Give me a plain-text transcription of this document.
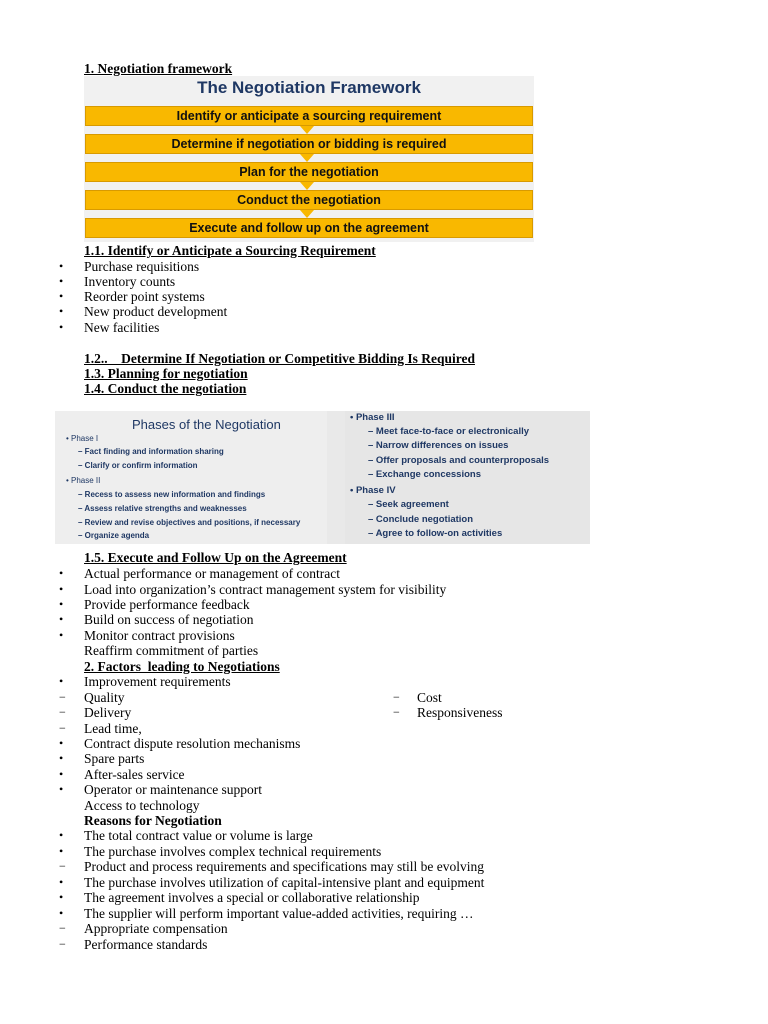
1. Negotiation framework
The Negotiation Framework
Identify or anticipate a sourcing requirement
Determine if negotiation or bidding is required
Plan for the negotiation
Conduct the negotiation
Execute and follow up on the agreement
1.1. Identify or Anticipate a Sourcing Requirement
•	Purchase requisitions
•	Inventory counts
•	Reorder point systems
•	New product development
•	New facilities
1.2..    Determine If Negotiation or Competitive Bidding Is Required
1.3. Planning for negotiation
1.4. Conduct the negotiation
Phases of the Negotiation
• Phase I
– Fact finding and information sharing
– Clarify or confirm information
• Phase II
– Recess to assess new information and findings
– Assess relative strengths and weaknesses
– Review and revise objectives and positions, if necessary
– Organize agenda
• Phase III
– Meet face-to-face or electronically
– Narrow differences on issues
– Offer proposals and counterproposals
– Exchange concessions
• Phase IV
– Seek agreement
– Conclude negotiation
– Agree to follow-on activities
1.5. Execute and Follow Up on the Agreement
•	Actual performance or management of contract
•	Load into organization’s contract management system for visibility
•	Provide performance feedback
•	Build on success of negotiation
•	Monitor contract provisions
Reaffirm commitment of parties
2. Factors  leading to Negotiations
•	Improvement requirements
−	Quality	−	Cost
−	Delivery	−	Responsiveness
−	Lead time,
•	Contract dispute resolution mechanisms
•	Spare parts
•	After-sales service
•	Operator or maintenance support
Access to technology
Reasons for Negotiation
•	The total contract value or volume is large
•	The purchase involves complex technical requirements
−	Product and process requirements and specifications may still be evolving
•	The purchase involves utilization of capital-intensive plant and equipment
•	The agreement involves a special or collaborative relationship
•	The supplier will perform important value-added activities, requiring …
−	Appropriate compensation
−	Performance standards
